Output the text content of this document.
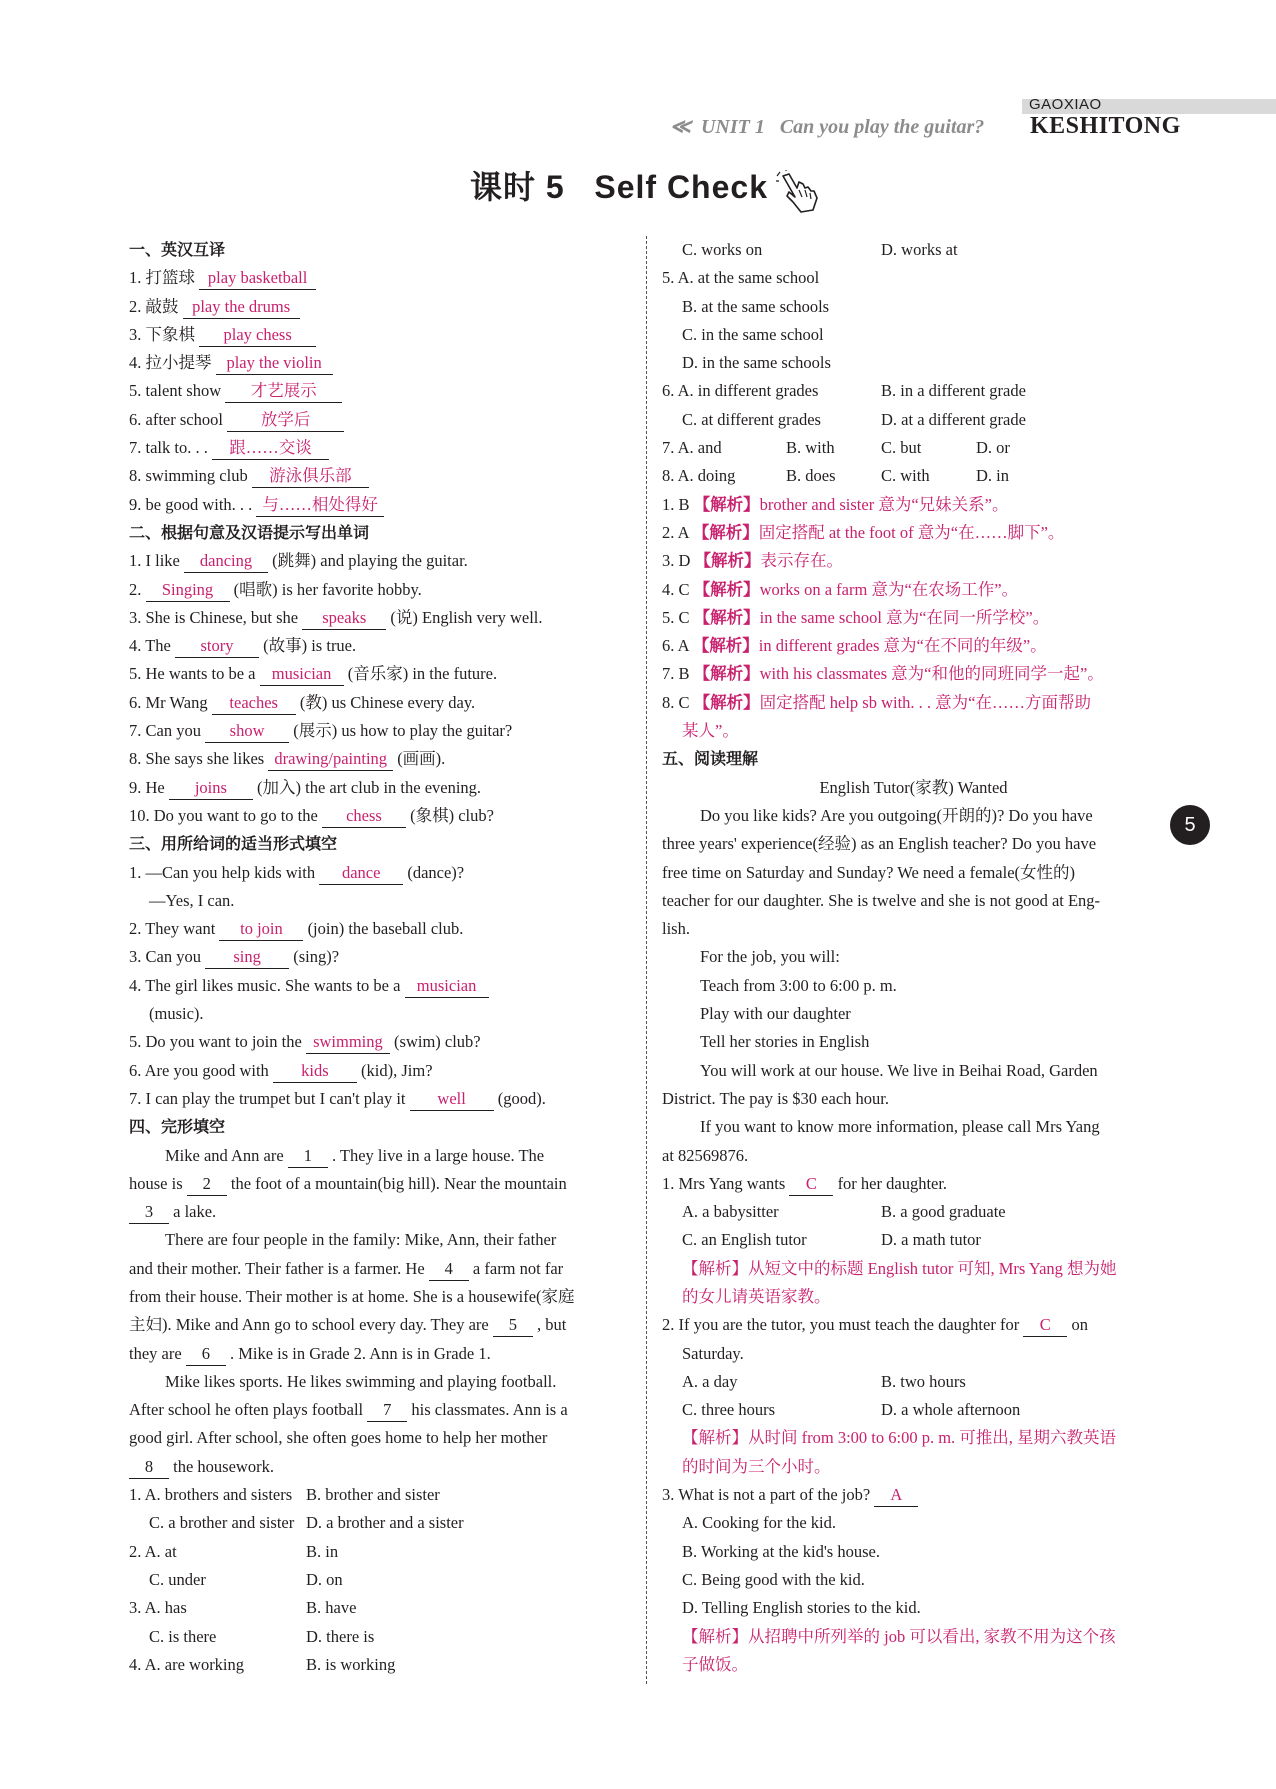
GAOXIAO
≪  UNIT 1   Can you play the guitar? KESHITONG
课时 5   Self Check
5
一、英汉互译
1. 打篮球 play basketball
2. 敲鼓 play the drums
3. 下象棋 play chess
4. 拉小提琴 play the violin
5. talent show 才艺展示
6. after school 放学后
7. talk to. . . 跟……交谈
8. swimming club 游泳俱乐部
9. be good with. . . 与……相处得好
二、根据句意及汉语提示写出单词
1. I like dancing (跳舞) and playing the guitar.
2. Singing (唱歌) is her favorite hobby.
3. She is Chinese, but she speaks (说) English very well.
4. The story (故事) is true.
5. He wants to be a musician (音乐家) in the future.
6. Mr Wang teaches (教) us Chinese every day.
7. Can you show (展示) us how to play the guitar?
8. She says she likes drawing/painting (画画).
9. He joins (加入) the art club in the evening.
10. Do you want to go to the chess (象棋) club?
三、用所给词的适当形式填空
1. —Can you help kids with dance (dance)?
—Yes, I can.
2. They want to join (join) the baseball club.
3. Can you sing (sing)?
4. The girl likes music. She wants to be a musician
(music).
5. Do you want to join the swimming (swim) club?
6. Are you good with kids (kid), Jim?
7. I can play the trumpet but I can't play it well (good).
四、完形填空
Mike and Ann are 1 . They live in a large house. The
house is 2 the foot of a mountain(big hill). Near the mountain
3 a lake.
There are four people in the family: Mike, Ann, their father
and their mother. Their father is a farmer. He 4 a farm not far
from their house. Their mother is at home. She is a housewife(家庭
主妇). Mike and Ann go to school every day. They are 5 , but
they are 6 . Mike is in Grade 2. Ann is in Grade 1.
Mike likes sports. He likes swimming and playing football.
After school he often plays football 7 his classmates. Ann is a
good girl. After school, she often goes home to help her mother
8 the housework.
1. A. brothers and sisters B. brother and sister
C. a brother and sister D. a brother and a sister
2. A. at	B. in
C. under	D. on
3. A. has	B. have
C. is there	D. there is
4. A. are working	B. is working
C. works on	D. works at
5. A. at the same school
B. at the same schools
C. in the same school
D. in the same schools
6. A. in different grades	B. in a different grade
C. at different grades	D. at a different grade
7. A. and	B. with	C. but	D. or
8. A. doing	B. does	C. with	D. in
1. B 【解析】brother and sister 意为“兄妹关系”。
2. A 【解析】固定搭配 at the foot of 意为“在……脚下”。
3. D 【解析】表示存在。
4. C 【解析】works on a farm 意为“在农场工作”。
5. C 【解析】in the same school 意为“在同一所学校”。
6. A 【解析】in different grades 意为“在不同的年级”。
7. B 【解析】with his classmates 意为“和他的同班同学一起”。
8. C 【解析】固定搭配 help sb with. . . 意为“在……方面帮助
某人”。
五、阅读理解
English Tutor(家教) Wanted
Do you like kids? Are you outgoing(开朗的)? Do you have
three years' experience(经验) as an English teacher? Do you have
free time on Saturday and Sunday? We need a female(女性的)
teacher for our daughter. She is twelve and she is not good at Eng-
lish.
For the job, you will:
Teach from 3:00 to 6:00 p. m.
Play with our daughter
Tell her stories in English
You will work at our house. We live in Beihai Road, Garden
District. The pay is $30 each hour.
If you want to know more information, please call Mrs Yang
at 82569876.
1. Mrs Yang wants C for her daughter.
A. a babysitter	B. a good graduate
C. an English tutor	D. a math tutor
【解析】从短文中的标题 English tutor 可知, Mrs Yang 想为她
的女儿请英语家教。
2. If you are the tutor, you must teach the daughter for C on
Saturday.
A. a day	B. two hours
C. three hours	D. a whole afternoon
【解析】从时间 from 3:00 to 6:00 p. m. 可推出, 星期六教英语
的时间为三个小时。
3. What is not a part of the job? A
A. Cooking for the kid.
B. Working at the kid's house.
C. Being good with the kid.
D. Telling English stories to the kid.
【解析】从招聘中所列举的 job 可以看出, 家教不用为这个孩
子做饭。
